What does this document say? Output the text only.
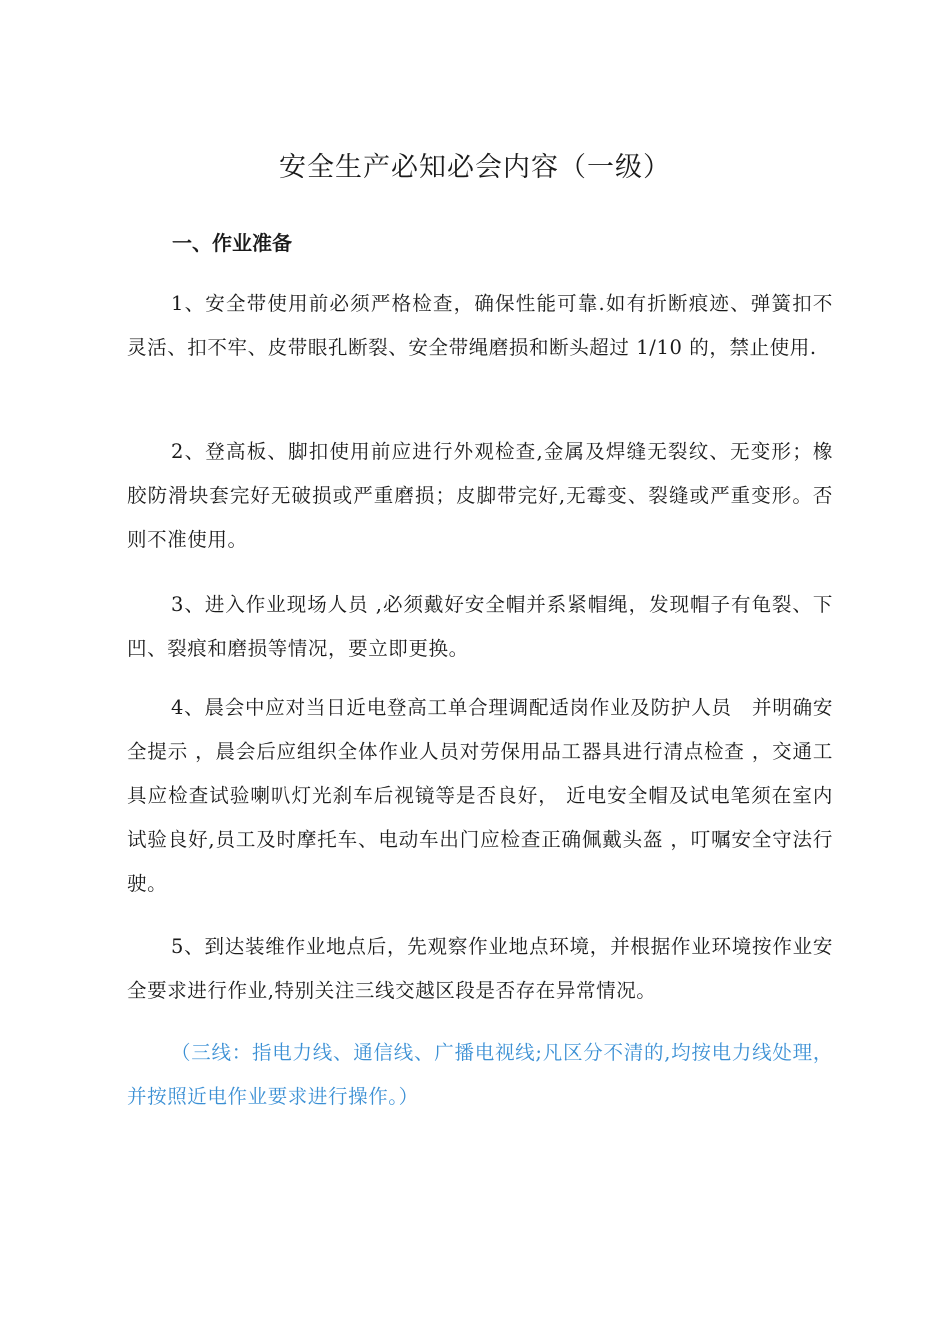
安全生产必知必会内容（一级）
一、作业准备

1、安全带使用前必须严格检查，确保性能可靠.如有折断痕迹、弹簧扣不灵活、扣不牢、皮带眼孔断裂、安全带绳磨损和断头超过 1/10 的，禁止使用.

2、登高板、脚扣使用前应进行外观检查,金属及焊缝无裂纹、无变形；橡胶防滑块套完好无破损或严重磨损；皮脚带完好,无霉变、裂缝或严重变形。否则不准使用。

3、进入作业现场人员 ,必须戴好安全帽并系紧帽绳，发现帽子有龟裂、下凹、裂痕和磨损等情况，要立即更换。

4、晨会中应对当日近电登高工单合理调配适岗作业及防护人员　并明确安全提示 ，晨会后应组织全体作业人员对劳保用品工器具进行清点检查 ，交通工具应检查试验喇叭灯光刹车后视镜等是否良好， 近电安全帽及试电笔须在室内试验良好,员工及时摩托车、电动车出门应检查正确佩戴头盔 ，叮嘱安全守法行驶。

5、到达装维作业地点后，先观察作业地点环境，并根据作业环境按作业安全要求进行作业,特别关注三线交越区段是否存在异常情况。

（三线：指电力线、通信线、广播电视线;凡区分不清的,均按电力线处理，并按照近电作业要求进行操作。）
